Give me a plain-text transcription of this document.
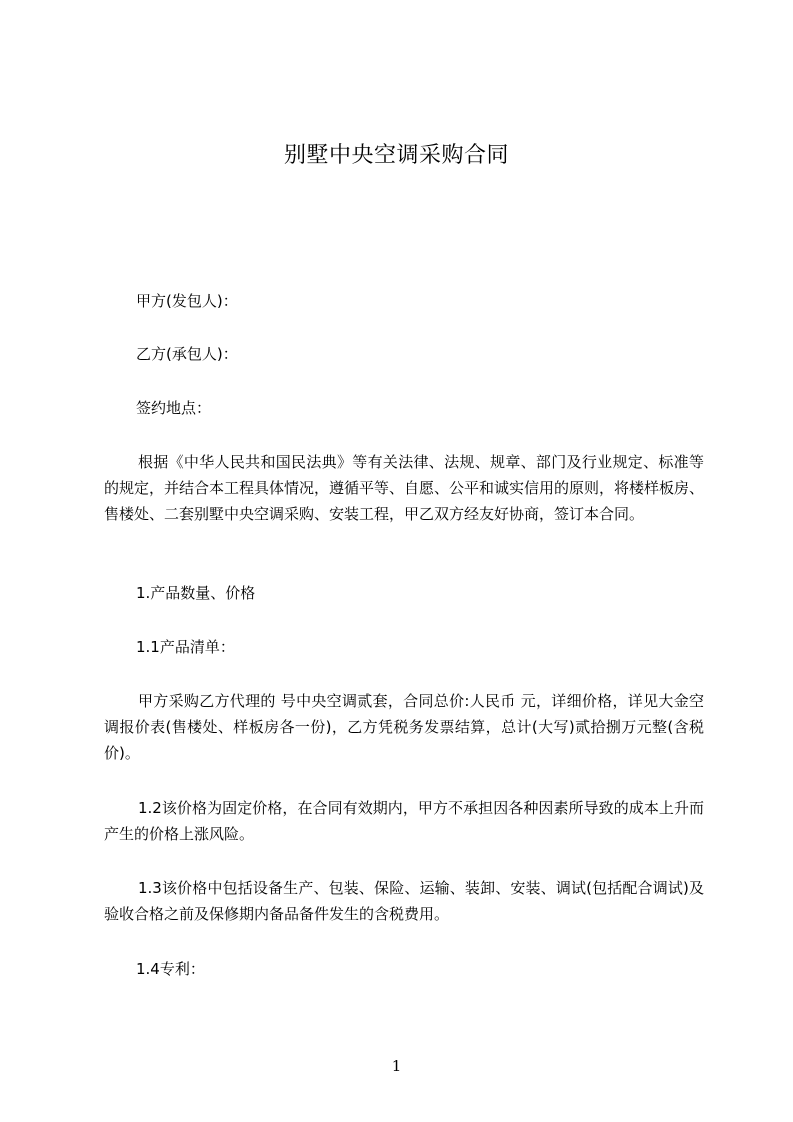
别墅中央空调采购合同
甲方(发包人)：
乙方(承包人)：
签约地点：
根据《中华人民共和国民法典》等有关法律、法规、规章、部门及行业规定、标准等的规定，并结合本工程具体情况，遵循平等、自愿、公平和诚实信用的原则，将楼样板房、售楼处、二套别墅中央空调采购、安装工程，甲乙双方经友好协商，签订本合同。
1.产品数量、价格
1.1产品清单：
甲方采购乙方代理的 号中央空调贰套，合同总价:人民币 元，详细价格，详见大金空调报价表(售楼处、样板房各一份)，乙方凭税务发票结算，总计(大写)贰拾捌万元整(含税价)。
1.2该价格为固定价格，在合同有效期内，甲方不承担因各种因素所导致的成本上升而产生的价格上涨风险。
1.3该价格中包括设备生产、包装、保险、运输、装卸、安装、调试(包括配合调试)及验收合格之前及保修期内备品备件发生的含税费用。
1.4专利：
1
